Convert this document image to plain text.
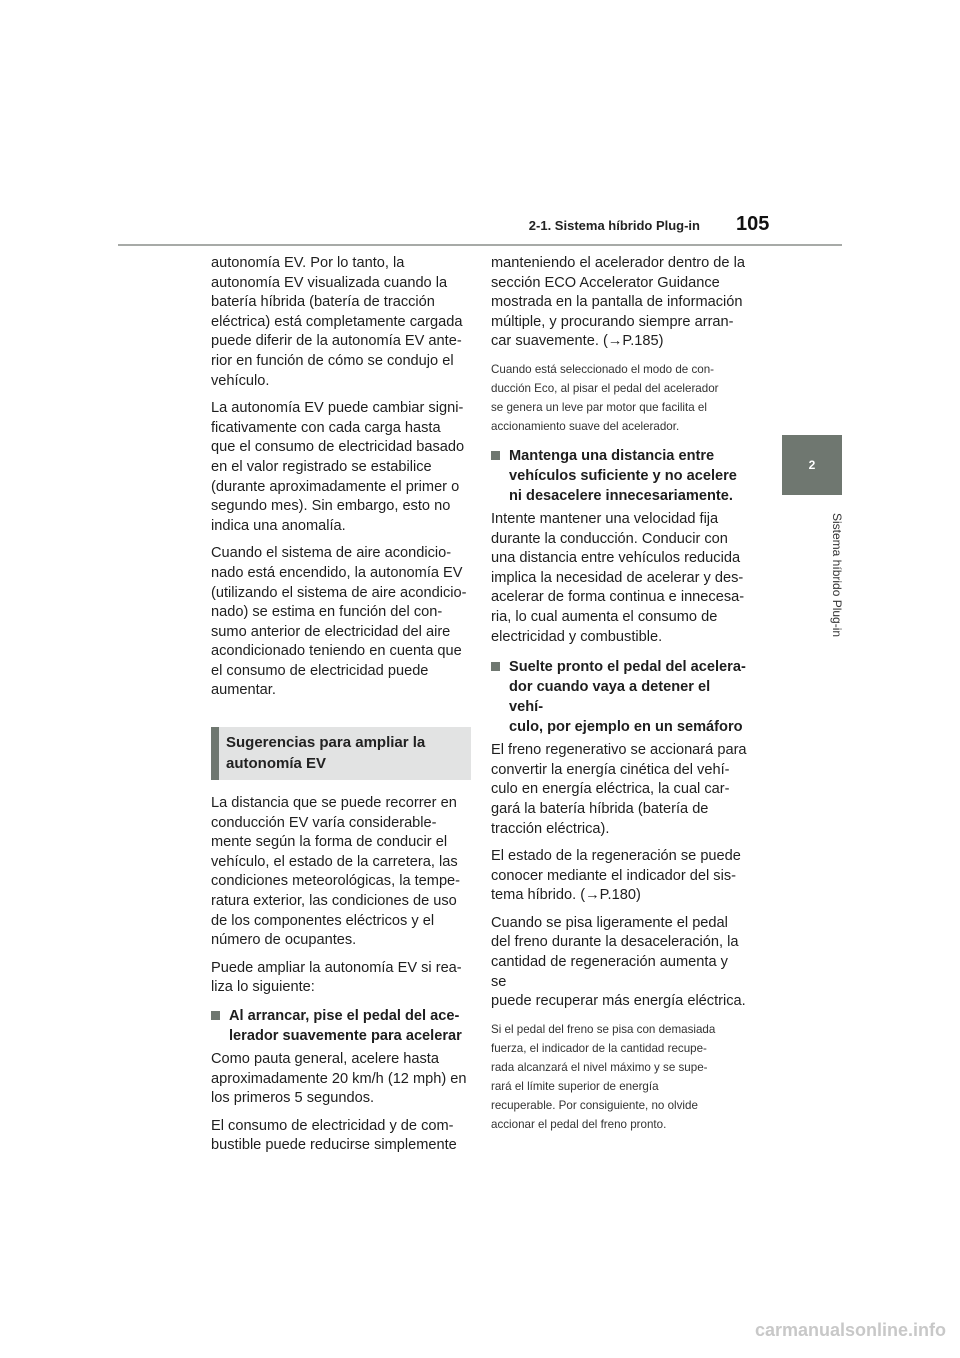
2-1. Sistema híbrido Plug-in 105
2
Sistema híbrido Plug-in

autonomía EV. Por lo tanto, la
autonomía EV visualizada cuando la
batería híbrida (batería de tracción
eléctrica) está completamente cargada
puede diferir de la autonomía EV ante-
rior en función de cómo se condujo el
vehículo.

La autonomía EV puede cambiar signi-
ficativamente con cada carga hasta
que el consumo de electricidad basado
en el valor registrado se estabilice
(durante aproximadamente el primer o
segundo mes). Sin embargo, esto no
indica una anomalía.

Cuando el sistema de aire acondicio-
nado está encendido, la autonomía EV
(utilizando el sistema de aire acondicio-
nado) se estima en función del con-
sumo anterior de electricidad del aire
acondicionado teniendo en cuenta que
el consumo de electricidad puede
aumentar.

Sugerencias para ampliar la
autonomía EV

La distancia que se puede recorrer en
conducción EV varía considerable-
mente según la forma de conducir el
vehículo, el estado de la carretera, las
condiciones meteorológicas, la tempe-
ratura exterior, las condiciones de uso
de los componentes eléctricos y el
número de ocupantes.

Puede ampliar la autonomía EV si rea-
liza lo siguiente:

Al arrancar, pise el pedal del ace-
lerador suavemente para acelerar

Como pauta general, acelere hasta
aproximadamente 20 km/h (12 mph) en
los primeros 5 segundos.

El consumo de electricidad y de com-
bustible puede reducirse simplemente

manteniendo el acelerador dentro de la
sección ECO Accelerator Guidance
mostrada en la pantalla de información
múltiple, y procurando siempre arran-
car suavemente. (→P.185)

Cuando está seleccionado el modo de con-
ducción Eco, al pisar el pedal del acelerador
se genera un leve par motor que facilita el
accionamiento suave del acelerador.

Mantenga una distancia entre
vehículos suficiente y no acelere
ni desacelere innecesariamente.

Intente mantener una velocidad fija
durante la conducción. Conducir con
una distancia entre vehículos reducida
implica la necesidad de acelerar y des-
acelerar de forma continua e innecesa-
ria, lo cual aumenta el consumo de
electricidad y combustible.

Suelte pronto el pedal del acelera-
dor cuando vaya a detener el vehí-
culo, por ejemplo en un semáforo

El freno regenerativo se accionará para
convertir la energía cinética del vehí-
culo en energía eléctrica, la cual car-
gará la batería híbrida (batería de
tracción eléctrica).

El estado de la regeneración se puede
conocer mediante el indicador del sis-
tema híbrido. (→P.180)

Cuando se pisa ligeramente el pedal
del freno durante la desaceleración, la
cantidad de regeneración aumenta y se
puede recuperar más energía eléctrica.

Si el pedal del freno se pisa con demasiada
fuerza, el indicador de la cantidad recupe-
rada alcanzará el nivel máximo y se supe-
rará el límite superior de energía
recuperable. Por consiguiente, no olvide
accionar el pedal del freno pronto.

carmanualsonline.info
